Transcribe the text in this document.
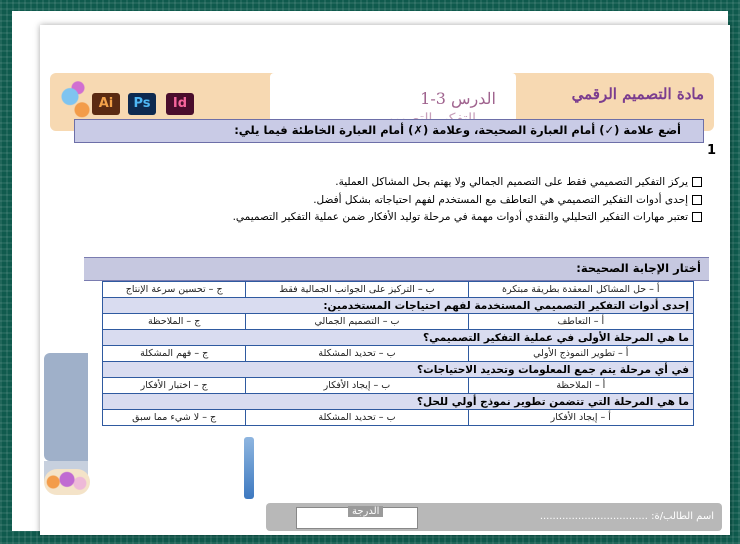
Ai	Ps	Id	الدرس 3-1	مادة التصميم الرقمي
أضع علامة (✓) أمام العبارة الصحيحة، وعلامة (✗) أمام العبارة الخاطئة فيما يلي:
1
يركز التفكير التصميمي فقط على التصميم الجمالي ولا يهتم بحل المشاكل العملية.
إحدى أدوات التفكير التصميمي هي التعاطف مع المستخدم لفهم احتياجاته بشكل أفضل.
تعتبر مهارات التفكير التحليلي والنقدي أدوات مهمة في مرحلة توليد الأفكار ضمن عملية التفكير التصميمي.
أختار الإجابة الصحيحة:
أ – حل المشاكل المعقدة بطريقة مبتكرة	ب – التركيز على الجوانب الجمالية فقط	ج – تحسين سرعة الإنتاج
إحدى أدوات التفكير التصميمي المستخدمة لفهم احتياجات المستخدمين:		
أ – التعاطف	ب – التصميم الجمالي	ج – الملاحظة
ما هي المرحلة الأولى في عملية التفكير التصميمي؟		
أ – تطوير النموذج الأولي	ب – تحديد المشكلة	ج – فهم المشكلة
في أي مرحلة يتم جمع المعلومات وتحديد الاحتياجات؟		
أ – الملاحظة	ب – إيجاد الأفكار	ج – اختبار الأفكار
ما هي المرحلة التي تتضمن تطوير نموذج أولي للحل؟		
أ – إيجاد الأفكار	ب – تحديد المشكلة	ج – لا شيء مما سبق
الدرجة	اسم الطالب/ة: ..................................
